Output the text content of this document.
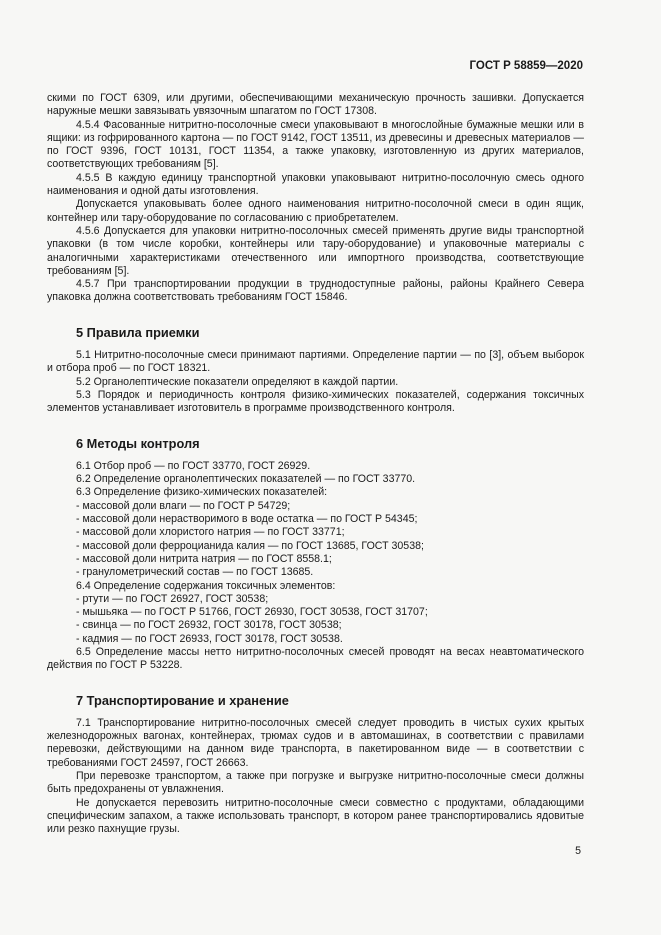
ГОСТ Р 58859—2020

скими по ГОСТ 6309, или другими, обеспечивающими механическую прочность зашивки. Допускается наружные мешки завязывать увязочным шпагатом по ГОСТ 17308.

4.5.4 Фасованные нитритно-посолочные смеси упаковывают в многослойные бумажные мешки или в ящики: из гофрированного картона — по ГОСТ 9142, ГОСТ 13511, из древесины и древесных материалов — по ГОСТ 9396, ГОСТ 10131, ГОСТ 11354, а также упаковку, изготовленную из других материалов, соответствующих требованиям [5].

4.5.5 В каждую единицу транспортной упаковки упаковывают нитритно-посолочную смесь одного наименования и одной даты изготовления.

Допускается упаковывать более одного наименования нитритно-посолочной смеси в один ящик, контейнер или тару-оборудование по согласованию с приобретателем.

4.5.6 Допускается для упаковки нитритно-посолочных смесей применять другие виды транспортной упаковки (в том числе коробки, контейнеры или тару-оборудование) и упаковочные материалы с аналогичными характеристиками отечественного или импортного производства, соответствующие требованиям [5].

4.5.7 При транспортировании продукции в труднодоступные районы, районы Крайнего Севера упаковка должна соответствовать требованиям ГОСТ 15846.

5 Правила приемки

5.1 Нитритно-посолочные смеси принимают партиями. Определение партии — по [3], объем выборок и отбора проб — по ГОСТ 18321.

5.2 Органолептические показатели определяют в каждой партии.

5.3 Порядок и периодичность контроля физико-химических показателей, содержания токсичных элементов устанавливает изготовитель в программе производственного контроля.

6 Методы контроля

6.1 Отбор проб — по ГОСТ 33770, ГОСТ 26929.

6.2 Определение органолептических показателей — по ГОСТ 33770.

6.3 Определение физико-химических показателей:

- массовой доли влаги — по ГОСТ Р 54729;
- массовой доли нерастворимого в воде остатка — по ГОСТ Р 54345;
- массовой доли хлористого натрия — по ГОСТ 33771;
- массовой доли ферроцианида калия — по ГОСТ 13685, ГОСТ 30538;
- массовой доли нитрита натрия — по ГОСТ 8558.1;
- гранулометрический состав — по ГОСТ 13685.

6.4 Определение содержания токсичных элементов:

- ртути — по ГОСТ 26927, ГОСТ 30538;
- мышьяка — по ГОСТ Р 51766, ГОСТ 26930, ГОСТ 30538, ГОСТ 31707;
- свинца — по ГОСТ 26932, ГОСТ 30178, ГОСТ 30538;
- кадмия — по ГОСТ 26933, ГОСТ 30178, ГОСТ 30538.

6.5 Определение массы нетто нитритно-посолочных смесей проводят на весах неавтоматического действия по ГОСТ Р 53228.

7 Транспортирование и хранение

7.1 Транспортирование нитритно-посолочных смесей следует проводить в чистых сухих крытых железнодорожных вагонах, контейнерах, трюмах судов и в автомашинах, в соответствии с правилами перевозки, действующими на данном виде транспорта, в пакетированном виде — в соответствии с требованиями ГОСТ 24597, ГОСТ 26663.

При перевозке транспортом, а также при погрузке и выгрузке нитритно-посолочные смеси должны быть предохранены от увлажнения.

Не допускается перевозить нитритно-посолочные смеси совместно с продуктами, обладающими специфическим запахом, а также использовать транспорт, в котором ранее транспортировались ядовитые или резко пахнущие грузы.

5
